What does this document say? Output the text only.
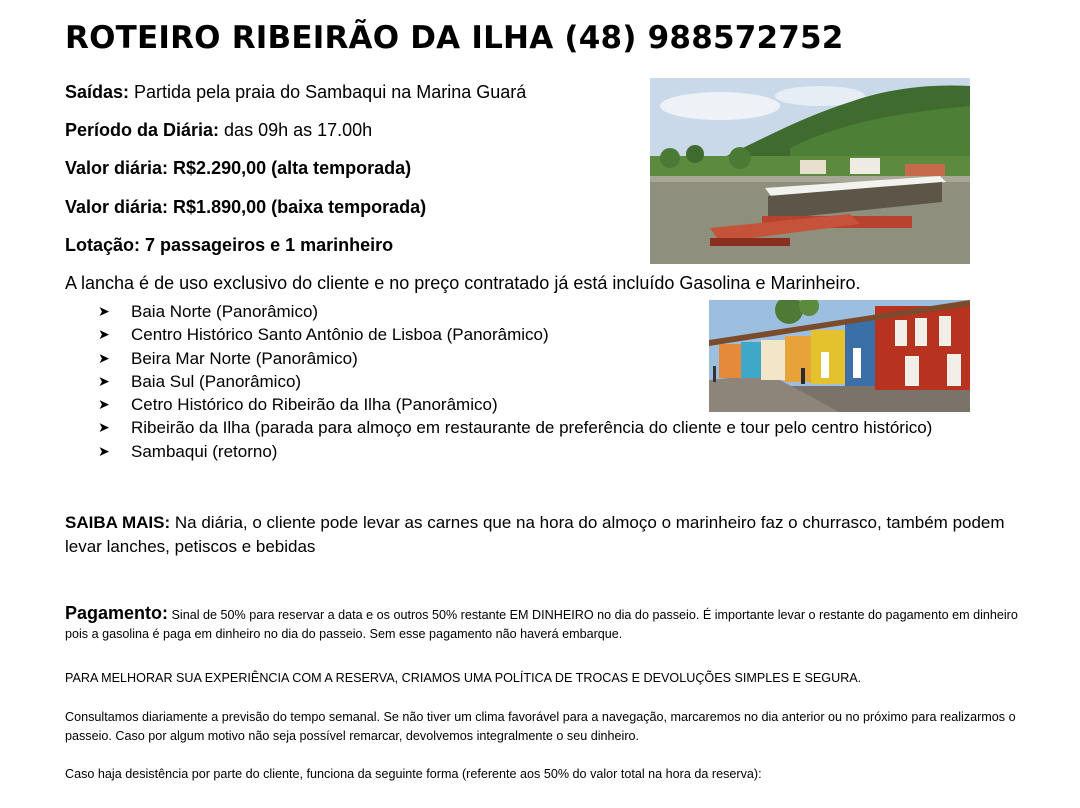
ROTEIRO RIBEIRÃO DA ILHA (48) 988572752

Saídas: Partida pela praia do Sambaqui na Marina Guará

Período da Diária: das 09h as 17.00h

Valor diária: R$2.290,00 (alta temporada)

Valor diária: R$1.890,00 (baixa temporada)

Lotação: 7 passageiros e 1 marinheiro

A lancha é de uso exclusivo do cliente e no preço contratado já está incluído Gasolina e Marinheiro.

➤	Baia Norte (Panorâmico)
➤	Centro Histórico Santo Antônio de Lisboa (Panorâmico)
➤	Beira Mar Norte (Panorâmico)
➤	Baia Sul (Panorâmico)
➤	Cetro Histórico do Ribeirão da Ilha (Panorâmico)
➤	Ribeirão da Ilha (parada para almoço em restaurante de preferência do cliente e tour pelo centro histórico)
➤	Sambaqui (retorno)

SAIBA MAIS: Na diária, o cliente pode levar as carnes que na hora do almoço o marinheiro faz o churrasco, também podem levar lanches, petiscos e bebidas

Pagamento: Sinal de 50% para reservar a data e os outros 50% restante EM DINHEIRO no dia do passeio. É importante levar o restante do pagamento em dinheiro pois a gasolina é paga em dinheiro no dia do passeio. Sem esse pagamento não haverá embarque.

PARA MELHORAR SUA EXPERIÊNCIA COM A RESERVA, CRIAMOS UMA POLÍTICA DE TROCAS E DEVOLUÇÕES SIMPLES E SEGURA.

Consultamos diariamente a previsão do tempo semanal. Se não tiver um clima favorável para a navegação, marcaremos no dia anterior ou no próximo para realizarmos o passeio. Caso por algum motivo não seja possível remarcar, devolvemos integralmente o seu dinheiro.

Caso haja desistência por parte do cliente, funciona da seguinte forma (referente aos 50% do valor total na hora da reserva):
